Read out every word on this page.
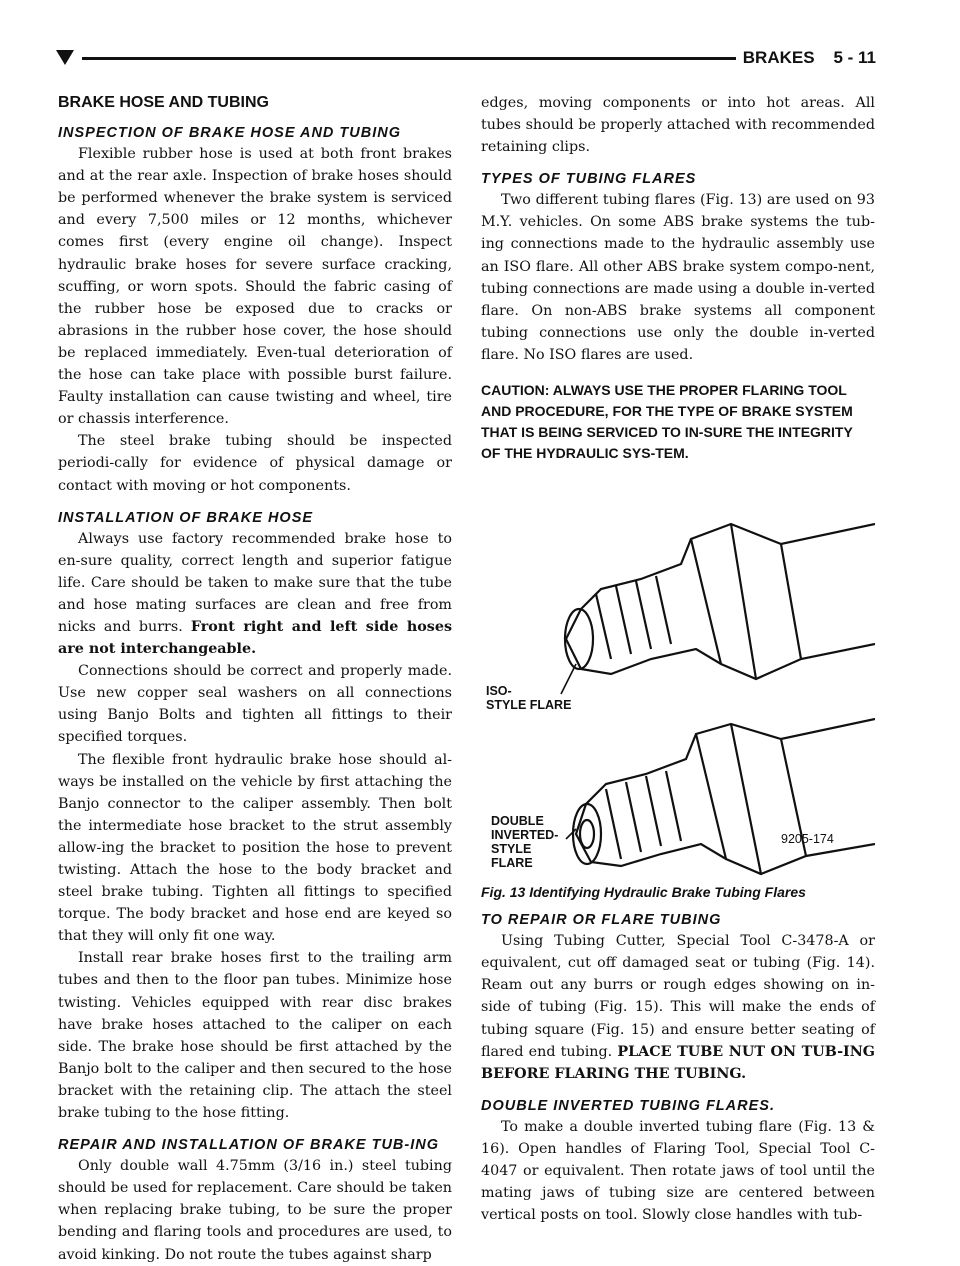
BRAKES    5 - 11
BRAKE HOSE AND TUBING
INSPECTION OF BRAKE HOSE AND TUBING

Flexible rubber hose is used at both front brakes and at the rear axle. Inspection of brake hoses should be performed whenever the brake system is serviced and every 7,500 miles or 12 months, whichever comes first (every engine oil change). Inspect hydraulic brake hoses for severe surface cracking, scuffing, or worn spots. Should the fabric casing of the rubber hose be exposed due to cracks or abrasions in the rubber hose cover, the hose should be replaced immediately. Even-tual deterioration of the hose can take place with possible burst failure. Faulty installation can cause twisting and wheel, tire or chassis interference.

The steel brake tubing should be inspected periodi-cally for evidence of physical damage or contact with moving or hot components.

INSTALLATION OF BRAKE HOSE

Always use factory recommended brake hose to en-sure quality, correct length and superior fatigue life. Care should be taken to make sure that the tube and hose mating surfaces are clean and free from nicks and burrs. Front right and left side hoses are not interchangeable.

Connections should be correct and properly made. Use new copper seal washers on all connections using Banjo Bolts and tighten all fittings to their specified torques.

The flexible front hydraulic brake hose should al-ways be installed on the vehicle by first attaching the Banjo connector to the caliper assembly. Then bolt the intermediate hose bracket to the strut assembly allow-ing the bracket to position the hose to prevent twisting. Attach the hose to the body bracket and steel brake tubing. Tighten all fittings to specified torque. The body bracket and hose end are keyed so that they will only fit one way.

Install rear brake hoses first to the trailing arm tubes and then to the floor pan tubes. Minimize hose twisting. Vehicles equipped with rear disc brakes have brake hoses attached to the caliper on each side. The brake hose should be first attached by the Banjo bolt to the caliper and then secured to the hose bracket with the retaining clip. The attach the steel brake tubing to the hose fitting.

REPAIR AND INSTALLATION OF BRAKE TUB-ING

Only double wall 4.75mm (3/16 in.) steel tubing should be used for replacement. Care should be taken when replacing brake tubing, to be sure the proper bending and flaring tools and procedures are used, to avoid kinking. Do not route the tubes against sharp

edges, moving components or into hot areas. All tubes should be properly attached with recommended retaining clips.

TYPES OF TUBING FLARES

Two different tubing flares (Fig. 13) are used on 93 M.Y. vehicles. On some ABS brake systems the tub-ing connections made to the hydraulic assembly use an ISO flare. All other ABS brake system compo-nent, tubing connections are made using a double in-verted flare. On non-ABS brake systems all component tubing connections use only the double in-verted flare. No ISO flares are used.

CAUTION: ALWAYS USE THE PROPER FLARING TOOL AND PROCEDURE, FOR THE TYPE OF BRAKE SYSTEM THAT IS BEING SERVICED TO IN-SURE THE INTEGRITY OF THE HYDRAULIC SYS-TEM.

ISO-
STYLE FLARE
DOUBLE
INVERTED-
STYLE
FLARE
9205-174
Fig. 13 Identifying Hydraulic Brake Tubing Flares
TO REPAIR OR FLARE TUBING

Using Tubing Cutter, Special Tool C-3478-A or equivalent, cut off damaged seat or tubing (Fig. 14). Ream out any burrs or rough edges showing on in-side of tubing (Fig. 15). This will make the ends of tubing square (Fig. 15) and ensure better seating of flared end tubing. PLACE TUBE NUT ON TUB-ING BEFORE FLARING THE TUBING.

DOUBLE INVERTED TUBING FLARES.

To make a double inverted tubing flare (Fig. 13 & 16). Open handles of Flaring Tool, Special Tool C-4047 or equivalent. Then rotate jaws of tool until the mating jaws of tubing size are centered between vertical posts on tool. Slowly close handles with tub-
